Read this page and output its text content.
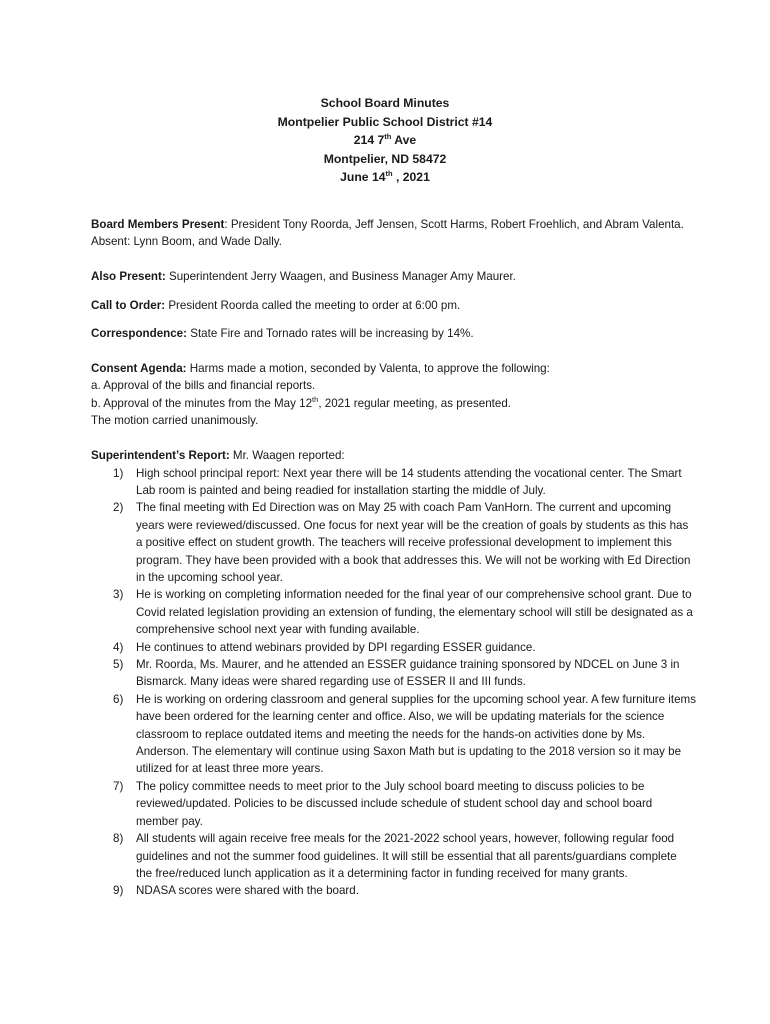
School Board Minutes
Montpelier Public School District #14
214 7th Ave
Montpelier, ND 58472
June 14th , 2021

Board Members Present: President Tony Roorda, Jeff Jensen, Scott Harms, Robert Froehlich, and Abram Valenta. Absent: Lynn Boom, and Wade Dally.

Also Present: Superintendent Jerry Waagen, and Business Manager Amy Maurer.

Call to Order: President Roorda called the meeting to order at 6:00 pm.

Correspondence: State Fire and Tornado rates will be increasing by 14%.

Consent Agenda: Harms made a motion, seconded by Valenta, to approve the following:

a. Approval of the bills and financial reports.

b. Approval of the minutes from the May 12th, 2021 regular meeting, as presented.

The motion carried unanimously.

Superintendent’s Report: Mr. Waagen reported:

1) High school principal report: Next year there will be 14 students attending the vocational center. The Smart Lab room is painted and being readied for installation starting the middle of July.
2) The final meeting with Ed Direction was on May 25 with coach Pam VanHorn. The current and upcoming years were reviewed/discussed. One focus for next year will be the creation of goals by students as this has a positive effect on student growth. The teachers will receive professional development to implement this program. They have been provided with a book that addresses this. We will not be working with Ed Direction in the upcoming school year.
3) He is working on completing information needed for the final year of our comprehensive school grant. Due to Covid related legislation providing an extension of funding, the elementary school will still be designated as a comprehensive school next year with funding available.
4) He continues to attend webinars provided by DPI regarding ESSER guidance.
5) Mr. Roorda, Ms. Maurer, and he attended an ESSER guidance training sponsored by NDCEL on June 3 in Bismarck. Many ideas were shared regarding use of ESSER II and III funds.
6) He is working on ordering classroom and general supplies for the upcoming school year. A few furniture items have been ordered for the learning center and office. Also, we will be updating materials for the science classroom to replace outdated items and meeting the needs for the hands-on activities done by Ms. Anderson. The elementary will continue using Saxon Math but is updating to the 2018 version so it may be utilized for at least three more years.
7) The policy committee needs to meet prior to the July school board meeting to discuss policies to be reviewed/updated. Policies to be discussed include schedule of student school day and school board member pay.
8) All students will again receive free meals for the 2021-2022 school years, however, following regular food guidelines and not the summer food guidelines. It will still be essential that all parents/guardians complete the free/reduced lunch application as it a determining factor in funding received for many grants.
9) NDASA scores were shared with the board.
